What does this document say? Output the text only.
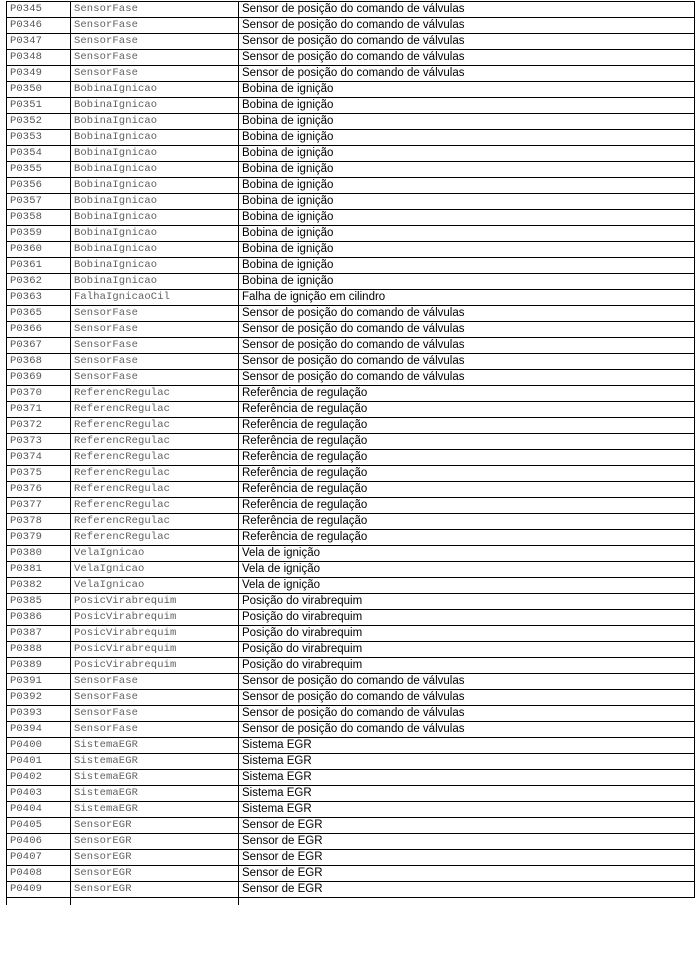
P0345	SensorFase	Sensor de posição do comando de válvulas
P0346	SensorFase	Sensor de posição do comando de válvulas
P0347	SensorFase	Sensor de posição do comando de válvulas
P0348	SensorFase	Sensor de posição do comando de válvulas
P0349	SensorFase	Sensor de posição do comando de válvulas
P0350	BobinaIgnicao	Bobina de ignição
P0351	BobinaIgnicao	Bobina de ignição
P0352	BobinaIgnicao	Bobina de ignição
P0353	BobinaIgnicao	Bobina de ignição
P0354	BobinaIgnicao	Bobina de ignição
P0355	BobinaIgnicao	Bobina de ignição
P0356	BobinaIgnicao	Bobina de ignição
P0357	BobinaIgnicao	Bobina de ignição
P0358	BobinaIgnicao	Bobina de ignição
P0359	BobinaIgnicao	Bobina de ignição
P0360	BobinaIgnicao	Bobina de ignição
P0361	BobinaIgnicao	Bobina de ignição
P0362	BobinaIgnicao	Bobina de ignição
P0363	FalhaIgnicaoCil	Falha de ignição em cilindro
P0365	SensorFase	Sensor de posição do comando de válvulas
P0366	SensorFase	Sensor de posição do comando de válvulas
P0367	SensorFase	Sensor de posição do comando de válvulas
P0368	SensorFase	Sensor de posição do comando de válvulas
P0369	SensorFase	Sensor de posição do comando de válvulas
P0370	ReferencRegulac	Referência de regulação
P0371	ReferencRegulac	Referência de regulação
P0372	ReferencRegulac	Referência de regulação
P0373	ReferencRegulac	Referência de regulação
P0374	ReferencRegulac	Referência de regulação
P0375	ReferencRegulac	Referência de regulação
P0376	ReferencRegulac	Referência de regulação
P0377	ReferencRegulac	Referência de regulação
P0378	ReferencRegulac	Referência de regulação
P0379	ReferencRegulac	Referência de regulação
P0380	VelaIgnicao	Vela de ignição
P0381	VelaIgnicao	Vela de ignição
P0382	VelaIgnicao	Vela de ignição
P0385	PosicVirabrequim	Posição do virabrequim
P0386	PosicVirabrequim	Posição do virabrequim
P0387	PosicVirabrequim	Posição do virabrequim
P0388	PosicVirabrequim	Posição do virabrequim
P0389	PosicVirabrequim	Posição do virabrequim
P0391	SensorFase	Sensor de posição do comando de válvulas
P0392	SensorFase	Sensor de posição do comando de válvulas
P0393	SensorFase	Sensor de posição do comando de válvulas
P0394	SensorFase	Sensor de posição do comando de válvulas
P0400	SistemaEGR	Sistema EGR
P0401	SistemaEGR	Sistema EGR
P0402	SistemaEGR	Sistema EGR
P0403	SistemaEGR	Sistema EGR
P0404	SistemaEGR	Sistema EGR
P0405	SensorEGR	Sensor de EGR
P0406	SensorEGR	Sensor de EGR
P0407	SensorEGR	Sensor de EGR
P0408	SensorEGR	Sensor de EGR
P0409	SensorEGR	Sensor de EGR
